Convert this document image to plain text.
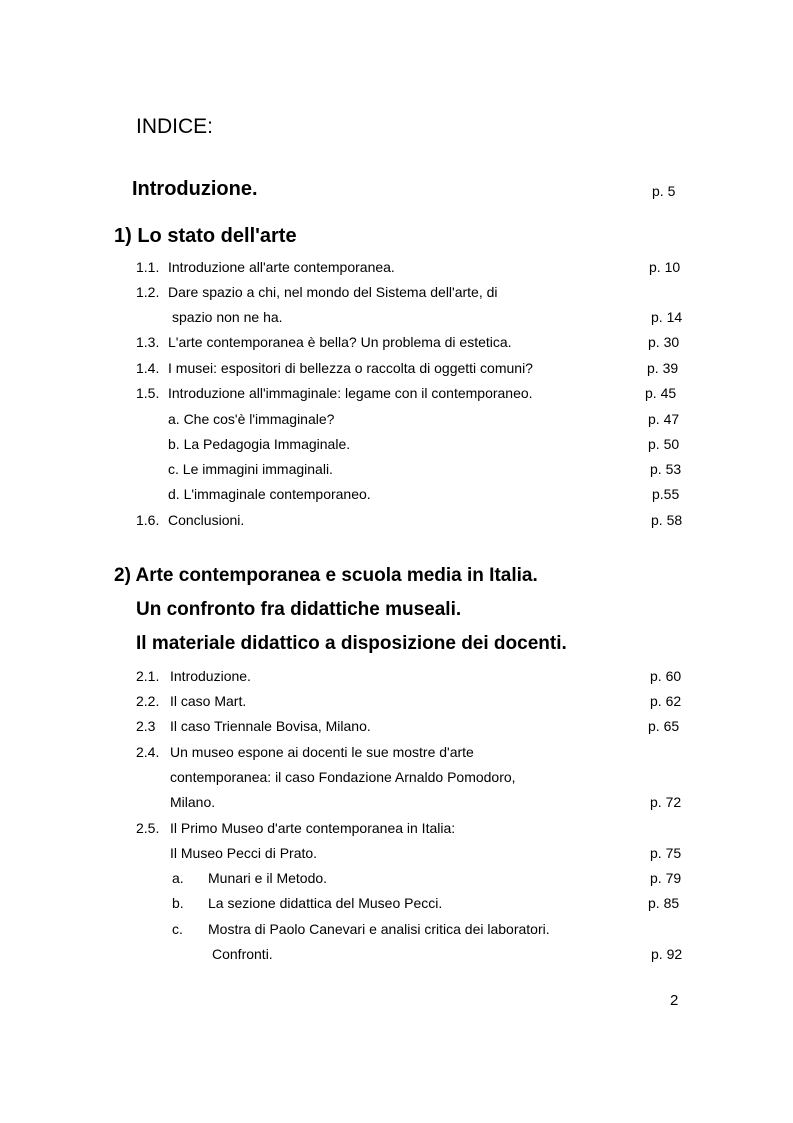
INDICE:
Introduzione.	p. 5
1) Lo stato dell'arte
1.1. Introduzione all'arte contemporanea.	p. 10
1.2. Dare spazio a chi, nel mondo del Sistema dell'arte, di
spazio non ne ha.	p. 14
1.3. L'arte contemporanea è bella? Un problema di estetica.	p. 30
1.4. I musei: espositori di bellezza o raccolta di oggetti comuni?	p. 39
1.5. Introduzione all'immaginale: legame con il contemporaneo.	p. 45
a. Che cos'è l'immaginale?	p. 47
b. La Pedagogia Immaginale.	p. 50
c. Le immagini immaginali.	p. 53
d. L'immaginale contemporaneo.	p.55
1.6. Conclusioni.	p. 58
2) Arte contemporanea e scuola media in Italia.
Un confronto fra didattiche museali.
Il materiale didattico a disposizione dei docenti.
2.1. Introduzione.	p. 60
2.2. Il caso Mart.	p. 62
2.3 Il caso Triennale Bovisa, Milano.	p. 65
2.4. Un museo espone ai docenti le sue mostre d'arte
contemporanea: il caso Fondazione Arnaldo Pomodoro,
Milano.	p. 72
2.5. Il Primo Museo d'arte contemporanea in Italia:
Il Museo Pecci di Prato.	p. 75
a. Munari e il Metodo.	p. 79
b. La sezione didattica del Museo Pecci.	p. 85
c. Mostra di Paolo Canevari e analisi critica dei laboratori.
Confronti.	p. 92
2
